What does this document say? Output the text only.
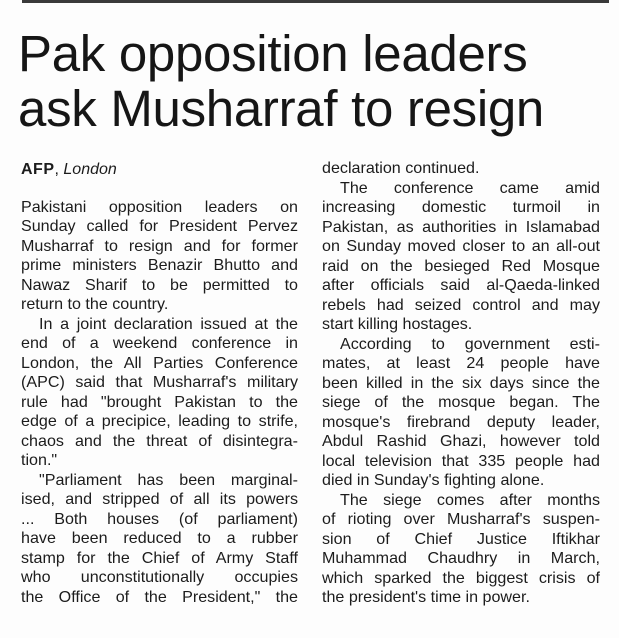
Pak opposition leaders
ask Musharraf to resign
AFP, London
Pakistani opposition leaders on
Sunday called for President Pervez
Musharraf to resign and for former
prime ministers Benazir Bhutto and
Nawaz Sharif to be permitted to
return to the country.
In a joint declaration issued at the
end of a weekend conference in
London, the All Parties Conference
(APC) said that Musharraf's military
rule had "brought Pakistan to the
edge of a precipice, leading to strife,
chaos and the threat of disintegra-
tion."
"Parliament has been marginal-
ised, and stripped of all its powers
... Both houses (of parliament)
have been reduced to a rubber
stamp for the Chief of Army Staff
who unconstitutionally occupies
the Office of the President," the
declaration continued.
The conference came amid
increasing domestic turmoil in
Pakistan, as authorities in Islamabad
on Sunday moved closer to an all-out
raid on the besieged Red Mosque
after officials said al-Qaeda-linked
rebels had seized control and may
start killing hostages.
According to government esti-
mates, at least 24 people have
been killed in the six days since the
siege of the mosque began. The
mosque's firebrand deputy leader,
Abdul Rashid Ghazi, however told
local television that 335 people had
died in Sunday's fighting alone.
The siege comes after months
of rioting over Musharraf's suspen-
sion of Chief Justice Iftikhar
Muhammad Chaudhry in March,
which sparked the biggest crisis of
the president's time in power.
